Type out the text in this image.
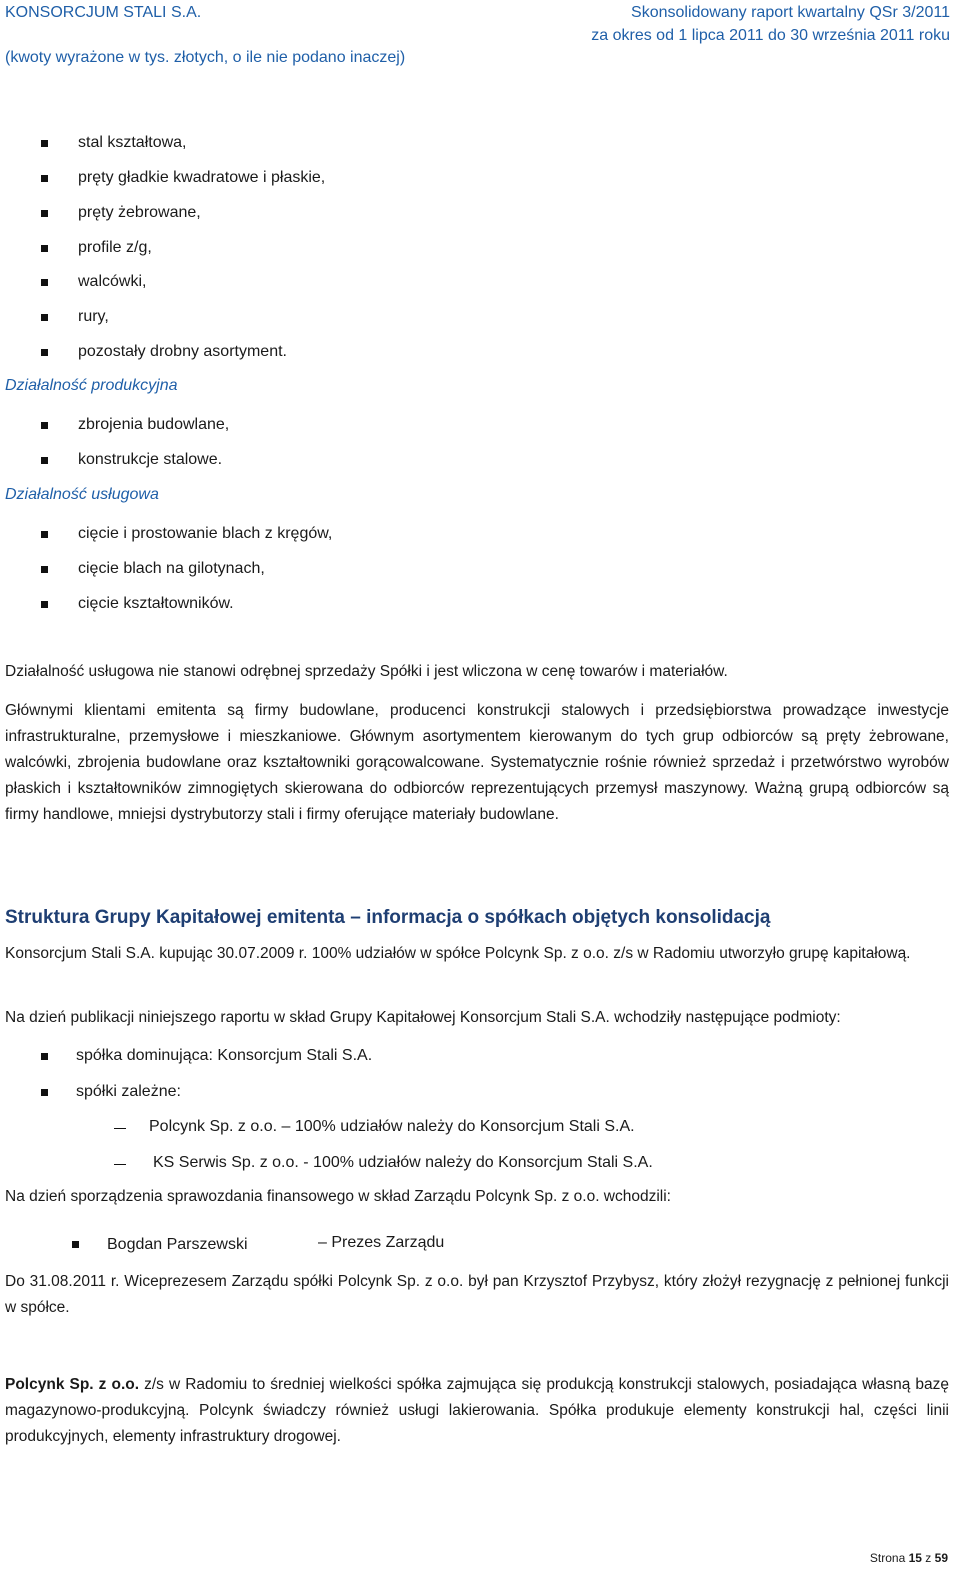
KONSORCJUM STALI S.A.	Skonsolidowany raport kwartalny QSr 3/2011
za okres od 1 lipca 2011 do 30 września 2011 roku
(kwoty wyrażone w tys. złotych, o ile nie podano inaczej)
stal kształtowa,
pręty gładkie kwadratowe i płaskie,
pręty żebrowane,
profile z/g,
walcówki,
rury,
pozostały drobny asortyment.
Działalność produkcyjna
zbrojenia budowlane,
konstrukcje stalowe.
Działalność usługowa
cięcie i prostowanie blach z kręgów,
cięcie blach na gilotynach,
cięcie kształtowników.
Działalność usługowa nie stanowi odrębnej sprzedaży Spółki i jest wliczona w cenę towarów i materiałów.
Głównymi klientami emitenta są firmy budowlane, producenci konstrukcji stalowych i przedsiębiorstwa prowadzące inwestycje infrastrukturalne, przemysłowe i mieszkaniowe. Głównym asortymentem kierowanym do tych grup odbiorców są pręty żebrowane, walcówki, zbrojenia budowlane oraz kształtowniki gorącowalcowane. Systematycznie rośnie również sprzedaż i przetwórstwo wyrobów płaskich i kształtowników zimnogiętych skierowana do odbiorców reprezentujących przemysł maszynowy. Ważną grupą odbiorców są firmy handlowe, mniejsi dystrybutorzy stali i firmy oferujące materiały budowlane.
Struktura Grupy Kapitałowej emitenta – informacja o spółkach objętych konsolidacją
Konsorcjum Stali S.A. kupując 30.07.2009 r. 100% udziałów w spółce Polcynk Sp. z o.o. z/s w Radomiu utworzyło grupę kapitałową.
Na dzień publikacji niniejszego raportu w skład Grupy Kapitałowej Konsorcjum Stali S.A. wchodziły następujące podmioty:
spółka dominująca: Konsorcjum Stali S.A.
spółki zależne:
Polcynk Sp. z o.o. – 100% udziałów należy do Konsorcjum Stali S.A.
KS Serwis Sp. z o.o. - 100% udziałów należy do Konsorcjum Stali S.A.
Na dzień sporządzenia sprawozdania finansowego w skład Zarządu Polcynk Sp. z o.o. wchodzili:
Bogdan Parszewski	– Prezes Zarządu
Do 31.08.2011 r. Wiceprezesem Zarządu spółki Polcynk Sp. z o.o. był pan Krzysztof Przybysz, który złożył rezygnację z pełnionej funkcji w spółce.
Polcynk Sp. z o.o. z/s w Radomiu to średniej wielkości spółka zajmująca się produkcją konstrukcji stalowych, posiadająca własną bazę magazynowo-produkcyjną. Polcynk świadczy również usługi lakierowania. Spółka produkuje elementy konstrukcji hal, części linii produkcyjnych, elementy infrastruktury drogowej.
Strona 15 z 59
